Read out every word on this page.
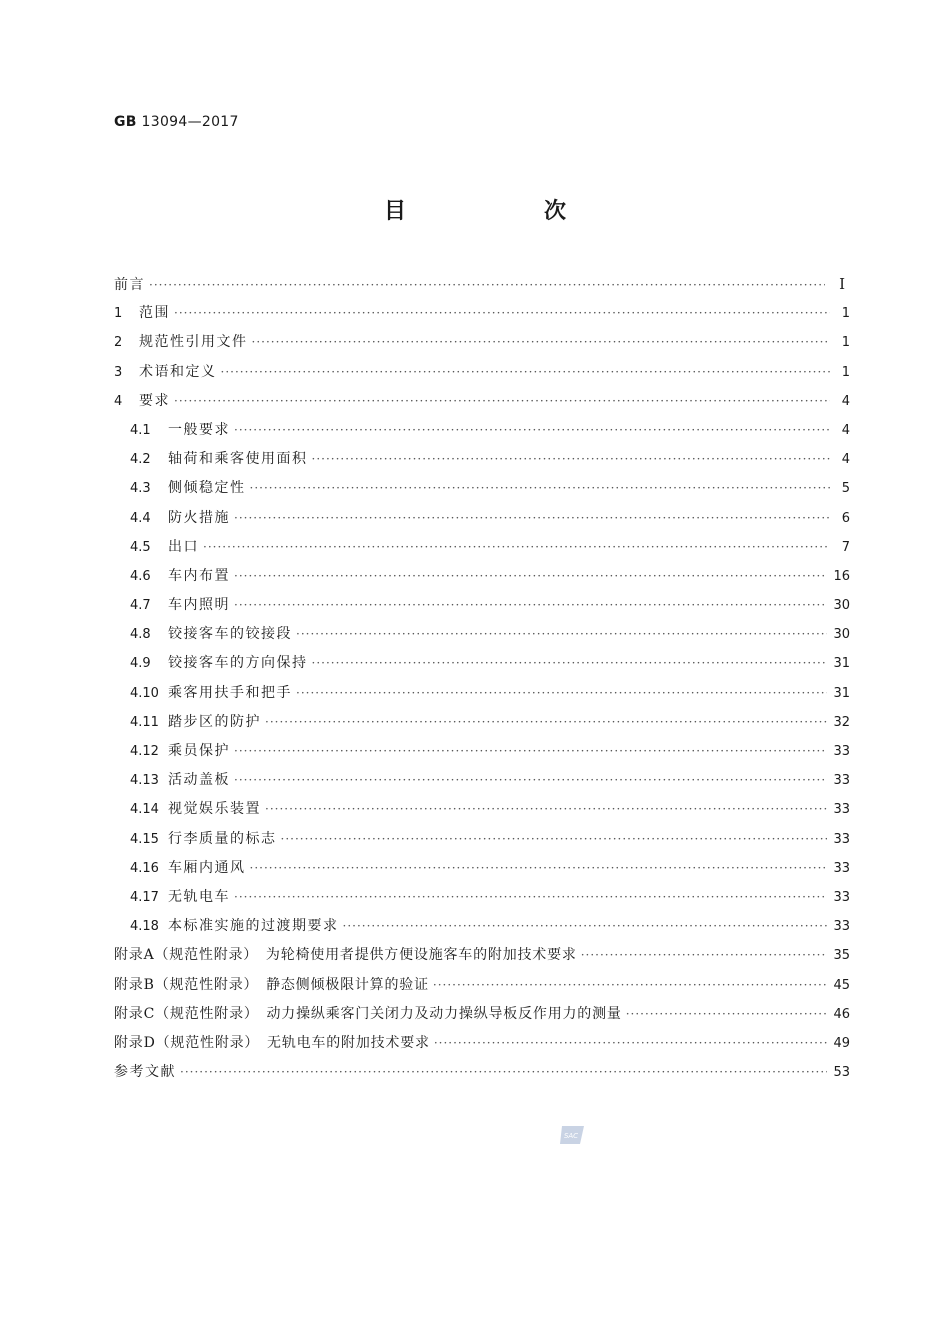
GB 13094—2017
目　次
前言 ·····	I
1	范围 ·····	1
2	规范性引用文件 ·····	1
3	术语和定义 ·····	1
4	要求 ·····	4
4.1	一般要求 ·····	4
4.2	轴荷和乘客使用面积 ·····	4
4.3	侧倾稳定性 ·····	5
4.4	防火措施 ·····	6
4.5	出口 ·····	7
4.6	车内布置 ·····	16
4.7	车内照明 ·····	30
4.8	铰接客车的铰接段 ·····	30
4.9	铰接客车的方向保持 ·····	31
4.10 乘客用扶手和把手 ·····	31
4.11 踏步区的防护 ·····	32
4.12 乘员保护 ·····	33
4.13 活动盖板 ·····	33
4.14 视觉娱乐装置 ·····	33
4.15 行李质量的标志 ·····	33
4.16 车厢内通风 ·····	33
4.17 无轨电车 ·····	33
4.18 本标准实施的过渡期要求 ·····	33
附录A（规范性附录）　为轮椅使用者提供方便设施客车的附加技术要求 ·····	35
附录B（规范性附录）　静态侧倾极限计算的验证 ·····	45
附录C（规范性附录）　动力操纵乘客门关闭力及动力操纵导板反作用力的测量 ·····	46
附录D（规范性附录）　无轨电车的附加技术要求 ·····	49
参考文献 ·····	53
SAC
